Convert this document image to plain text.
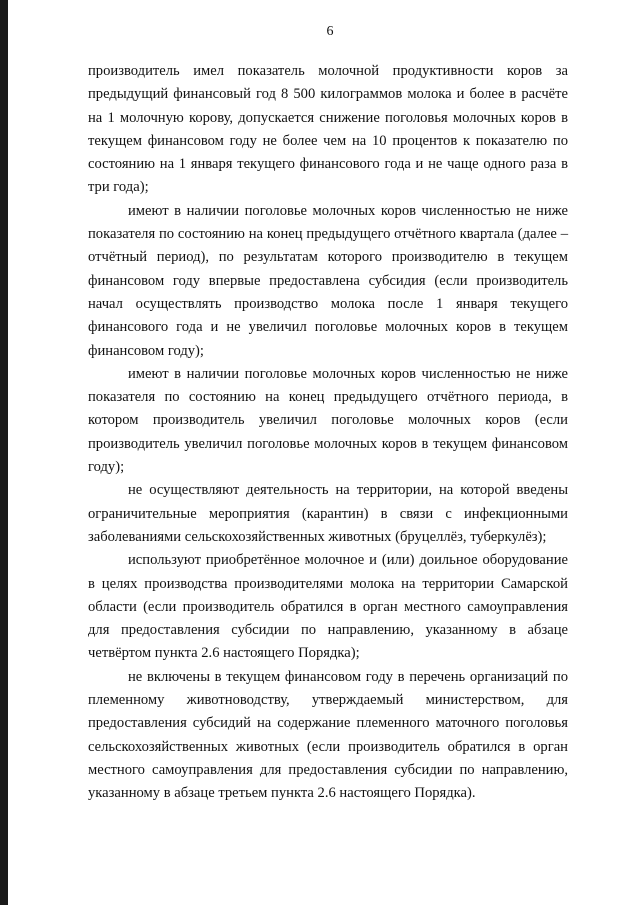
6

производитель имел показатель молочной продуктивности коров за предыдущий финансовый год 8 500 килограммов молока и более в расчёте на 1 молочную корову, допускается снижение поголовья молочных коров в текущем финансовом году не более чем на 10 процентов к показателю по состоянию на 1 января текущего финансового года и не чаще одного раза в три года);

имеют в наличии поголовье молочных коров численностью не ниже показателя по состоянию на конец предыдущего отчётного квартала (далее – отчётный период), по результатам которого производителю в текущем финансовом году впервые предоставлена субсидия (если производитель начал осуществлять производство молока после 1 января текущего финансового года и не увеличил поголовье молочных коров в текущем финансовом году);

имеют в наличии поголовье молочных коров численностью не ниже показателя по состоянию на конец предыдущего отчётного периода, в котором производитель увеличил поголовье молочных коров (если производитель увеличил поголовье молочных коров в текущем финансовом году);

не осуществляют деятельность на территории, на которой введены ограничительные мероприятия (карантин) в связи с инфекционными заболеваниями сельскохозяйственных животных (бруцеллёз, туберкулёз);

используют приобретённое молочное и (или) доильное оборудование в целях производства производителями молока на территории Самарской области (если производитель обратился в орган местного самоуправления для предоставления субсидии по направлению, указанному в абзаце четвёртом пункта 2.6 настоящего Порядка);

не включены в текущем финансовом году в перечень организаций по племенному животноводству, утверждаемый министерством, для предоставления субсидий на содержание племенного маточного поголовья сельскохозяйственных животных (если производитель обратился в орган местного самоуправления для предоставления субсидии по направлению, указанному в абзаце третьем пункта 2.6 настоящего Порядка).
